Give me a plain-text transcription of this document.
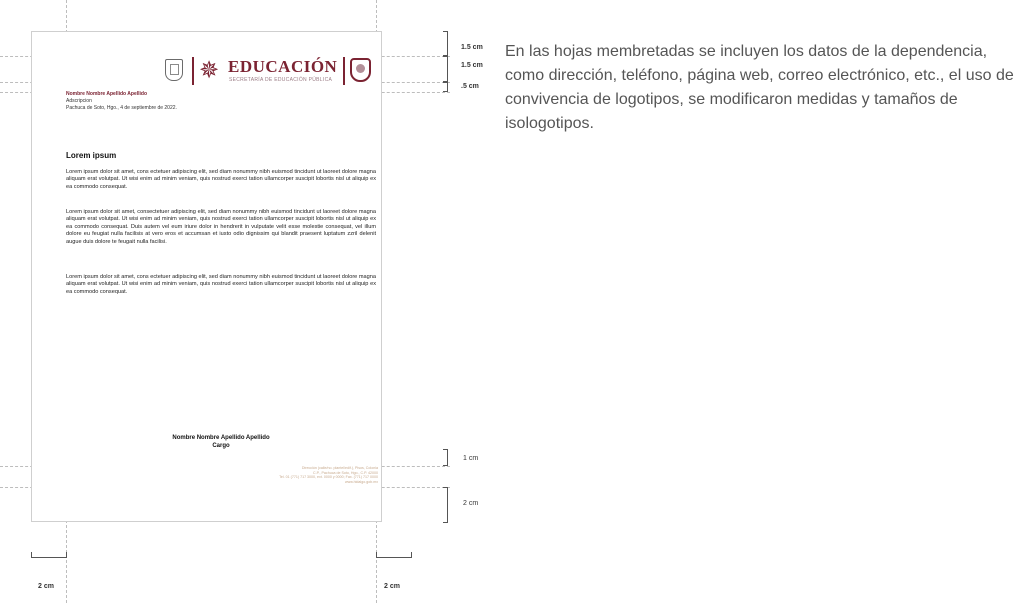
✵ EDUCACIÓN
SECRETARÍA DE EDUCACIÓN PÚBLICA
Nombre Nombre Apellido Apellido
Adscripcion
Pachuca de Soto, Hgo., 4 de septiembre de 2022.
Lorem ipsum
Lorem ipsum dolor sit amet, cons ectetuer adipiscing elit, sed diam nonummy nibh euismod tincidunt ut laoreet dolore magna aliquam erat volutpat. Ut wisi enim ad minim veniam, quis nostrud exerci tation ullamcorper suscipit lobortis nisl ut aliquip ex ea commodo consequat.
Lorem ipsum dolor sit amet, consectetuer adipiscing elit, sed diam nonummy nibh euismod tincidunt ut laoreet dolore magna aliquam erat volutpat. Ut wisi enim ad minim veniam, quis nostrud exerci tation ullamcorper suscipit lobortis nisl ut aliquip ex ea commodo consequat. Duis autem vel eum iriure dolor in hendrerit in vulputate velit esse molestie consequat, vel illum dolore eu feugiat nulla facilisis at vero eros et accumsan et iusto odio dignissim qui blandit praesent luptatum zzril delenit augue duis dolore te feugait nulla facilisi.
Lorem ipsum dolor sit amet, cons ectetuer adipiscing elit, sed diam nonummy nibh euismod tincidunt ut laoreet dolore magna aliquam erat volutpat. Ut wisi enim ad minim veniam, quis nostrud exerci tation ullamcorper suscipit lobortis nisl ut aliquip ex ea commodo consequat.
Nombre Nombre Apellido Apellido
Cargo
Dirección (calle/no. plantel/edif.), Pisos, Colonia
C.P., Pachuca de Soto, Hgo., C.P. 42000
Tel. 01 (771) 717 3000, ext. 0000 y 0000; Fax. (771) 717 0000
www.hidalgo.gob.mx
1.5 cm
1.5 cm
.5 cm
1 cm
2 cm
2 cm	2 cm
En las hojas membretadas se incluyen los datos de la dependencia, como dirección, teléfono, página web, correo electrónico, etc., el uso de convivencia de logotipos, se modificaron medidas y tamaños de isologotipos.
